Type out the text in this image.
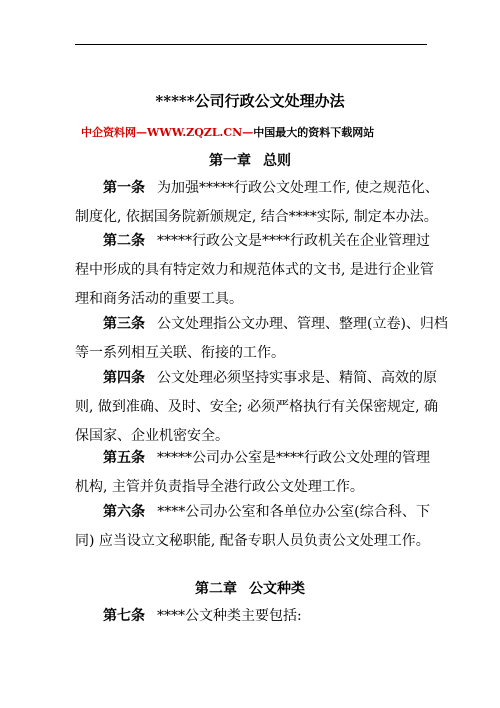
*****公司行政公文处理办法
中企资料网—WWW.ZQZL.CN—中国最大的资料下载网站
第一章 总则
第一条 为加强*****行政公文处理工作, 使之规范化、
制度化, 依据国务院新颁规定, 结合****实际, 制定本办法。
第二条 *****行政公文是****行政机关在企业管理过
程中形成的具有特定效力和规范体式的文书, 是进行企业管
理和商务活动的重要工具。
第三条 公文处理指公文办理、管理、整理(立卷)、归档
等一系列相互关联、衔接的工作。
第四条 公文处理必须坚持实事求是、精简、高效的原
则, 做到准确、及时、安全; 必须严格执行有关保密规定, 确
保国家、企业机密安全。
第五条 *****公司办公室是****行政公文处理的管理
机构, 主管并负责指导全港行政公文处理工作。
第六条 ****公司办公室和各单位办公室(综合科、下
同) 应当设立文秘职能, 配备专职人员负责公文处理工作。
第二章 公文种类
第七条 ****公文种类主要包括:
